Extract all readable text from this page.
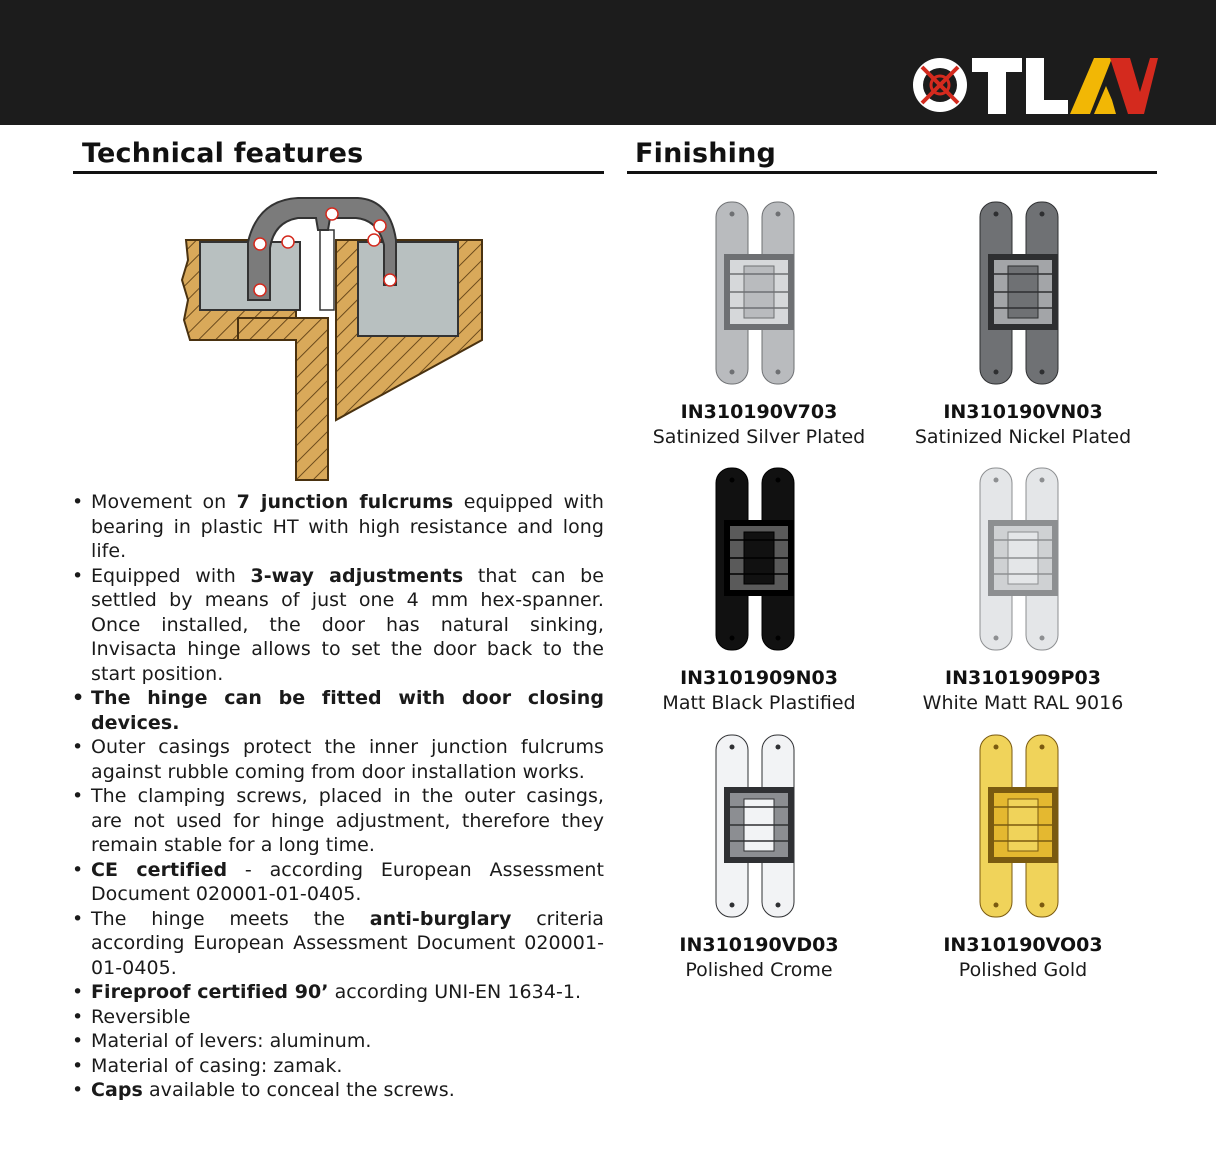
Technical features	Finishing
• Movement on 7 junction fulcrums equipped with bearing in plastic HT with high resistance and long life.
• Equipped with 3-way adjustments that can be settled by means of just one 4 mm hex-spanner. Once installed, the door has natural sinking, Invisacta hinge allows to set the door back to the start position.
• The hinge can be fitted with door closing devices.
• Outer casings protect the inner junction fulcrums against rubble coming from door installation works.
• The clamping screws, placed in the outer casings, are not used for hinge adjustment, therefore they remain stable for a long time.
• CE certified - according European Assessment Document 020001-01-0405.
• The hinge meets the anti-burglary criteria according European Assessment Document 020001-01-0405.
• Fireproof certified 90’ according UNI-EN 1634-1.
• Reversible
• Material of levers: aluminum.
• Material of casing: zamak.
• Caps available to conceal the screws.
IN310190V703
Satinized Silver Plated
IN310190VN03
Satinized Nickel Plated
IN3101909N03
Matt Black Plastified
IN3101909P03
White Matt RAL 9016
IN310190VD03
Polished Crome
IN310190VO03
Polished Gold
